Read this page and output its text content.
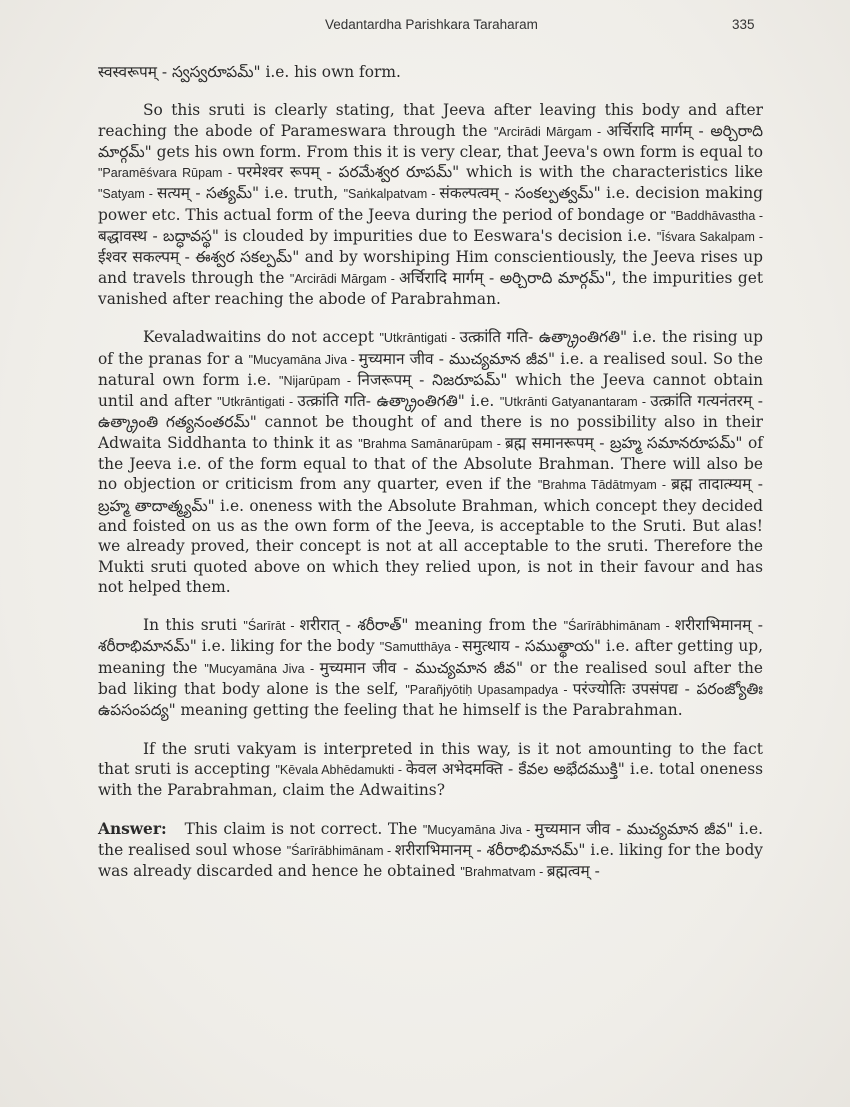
Vedantardha Parishkara Taraharam	335

स्वस्वरूपम् - స్వస్వరూపమ్" i.e. his own form.

So this sruti is clearly stating, that Jeeva after leaving this body and after reaching the abode of Parameswara through the "Arcirādi Mārgam - अर्चिरादि मार्गम् - అర్చిరాది మార్గమ్" gets his own form. From this it is very clear, that Jeeva's own form is equal to "Paramēśvara Rūpam - परमेश्वर रूपम् - పరమేశ్వర రూపమ్" which is with the characteristics like "Satyam - सत्यम् - సత్యమ్" i.e. truth, "Saṅkalpatvam - संकल्पत्वम् - సంకల్పత్వమ్" i.e. decision making power etc. This actual form of the Jeeva during the period of bondage or "Baddhāvastha - बद्धावस्थ - బద్ధావస్థ" is clouded by impurities due to Eeswara's decision i.e. "Īśvara Sakalpam - ईश्वर सकल्पम् - ఈశ్వర సకల్పమ్" and by worshiping Him conscientiously, the Jeeva rises up and travels through the "Arcirādi Mārgam - अर्चिरादि मार्गम् - అర్చిరాది మార్గమ్", the impurities get vanished after reaching the abode of Parabrahman.

Kevaladwaitins do not accept "Utkrāntigati - उत्क्रांति गति- ఉత్క్రాంతిగతి" i.e. the rising up of the pranas for a "Mucyamāna Jiva - मुच्यमान जीव - ముచ్యమాన జీవ" i.e. a realised soul. So the natural own form i.e. "Nijarūpam - निजरूपम् - నిజరూపమ్" which the Jeeva cannot obtain until and after "Utkrāntigati - उत्क्रांति गति- ఉత్క్రాంతిగతి" i.e. "Utkrānti Gatyanantaram - उत्क्रांति गत्यनंतरम् - ఉత్క్రాంతి గత్యనంతరమ్" cannot be thought of and there is no possibility also in their Adwaita Siddhanta to think it as "Brahma Samānarūpam - ब्रह्म समानरूपम् - బ్రహ్మ సమానరూపమ్" of the Jeeva i.e. of the form equal to that of the Absolute Brahman. There will also be no objection or criticism from any quarter, even if the "Brahma Tādātmyam - ब्रह्म तादात्म्यम् - బ్రహ్మ తాదాత్మ్యమ్" i.e. oneness with the Absolute Brahman, which concept they decided and foisted on us as the own form of the Jeeva, is acceptable to the Sruti. But alas! we already proved, their concept is not at all acceptable to the sruti. Therefore the Mukti sruti quoted above on which they relied upon, is not in their favour and has not helped them.

In this sruti "Śarīrāt - शरीरात् - శరీరాత్" meaning from the "Śarīrābhimānam - शरीराभिमानम् - శరీరాభిమానమ్" i.e. liking for the body "Samutthāya - समुत्थाय - సముత్థాయ" i.e. after getting up, meaning the "Mucyamāna Jiva - मुच्यमान जीव - ముచ్యమాన జీవ" or the realised soul after the bad liking that body alone is the self, "Parañjyōtiḥ Upasampadya - परंज्योतिः उपसंपद्य - పరంజ్యోతిః ఉపసంపద్య" meaning getting the feeling that he himself is the Parabrahman.

If the sruti vakyam is interpreted in this way, is it not amounting to the fact that sruti is accepting "Kēvala Abhēdamukti - केवल अभेदमक्ति - కేవల అభేదముక్తి" i.e. total oneness with the Parabrahman, claim the Adwaitins?

Answer: This claim is not correct. The "Mucyamāna Jiva - मुच्यमान जीव - ముచ్యమాన జీవ" i.e. the realised soul whose "Śarīrābhimānam - शरीराभिमानम् - శరీరాభిమానమ్" i.e. liking for the body was already discarded and hence he obtained "Brahmatvam - ब्रह्मत्वम् -
